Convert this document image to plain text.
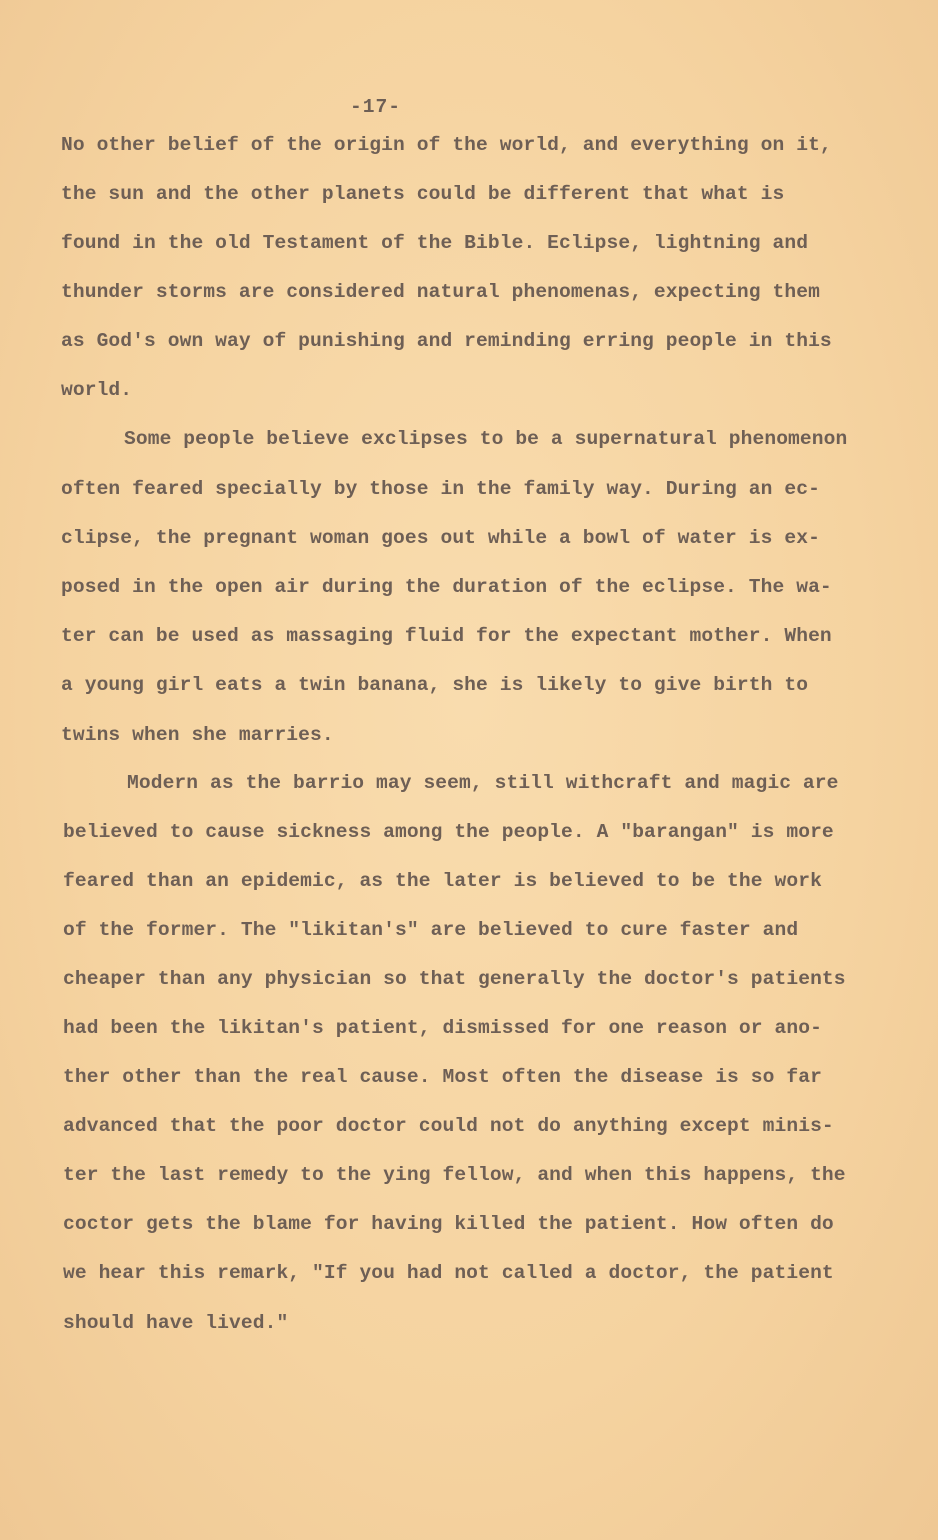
-17-
No other belief of the origin of the world, and everything on it,
the sun and the other planets could be different that what is
found in the old Testament of the Bible. Eclipse, lightning and
thunder storms are considered natural phenomenas, expecting them
as God's own way of punishing and reminding erring people in this
world.
Some people believe exclipses to be a supernatural phenomenon
often feared specially by those in the family way. During an ec-
clipse, the pregnant woman goes out while a bowl of water is ex-
posed in the open air during the duration of the eclipse. The wa-
ter can be used as massaging fluid for the expectant mother. When
a young girl eats a twin banana, she is likely to give birth to
twins when she marries.
Modern as the barrio may seem, still withcraft and magic are
believed to cause sickness among the people. A "barangan" is more
feared than an epidemic, as the later is believed to be the work
of the former. The "likitan's" are believed to cure faster and
cheaper than any physician so that generally the doctor's patients
had been the likitan's patient, dismissed for one reason or ano-
ther other than the real cause. Most often the disease is so far
advanced that the poor doctor could not do anything except minis-
ter the last remedy to the ying fellow, and when this happens, the
coctor gets the blame for having killed the patient. How often do
we hear this remark, "If you had not called a doctor, the patient
should have lived."
